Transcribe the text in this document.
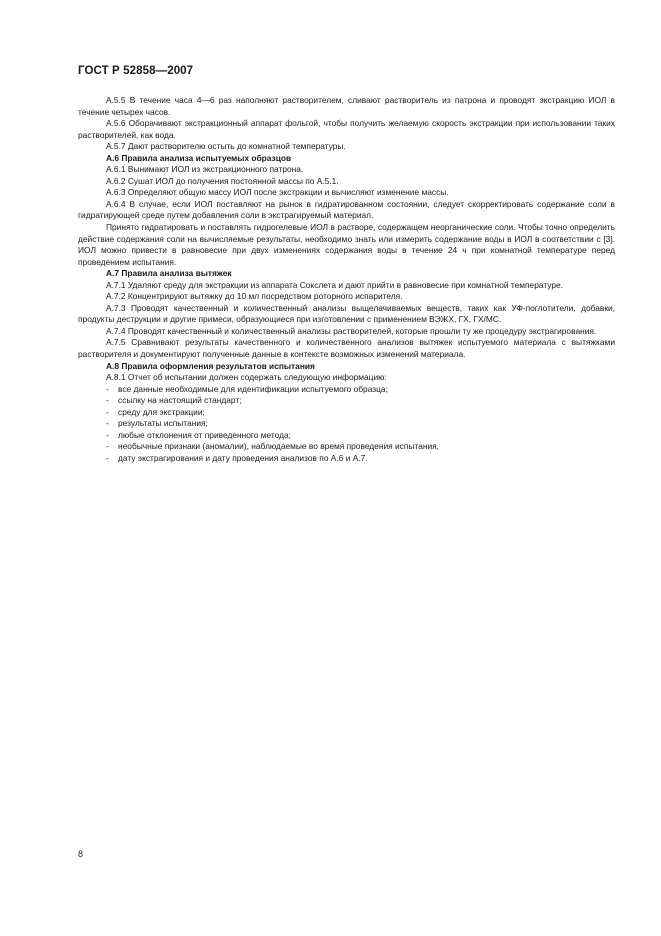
ГОСТ Р 52858—2007

А.5.5 В течение часа 4—6 раз наполняют растворителем, сливают растворитель из патрона и проводят экстракцию ИОЛ в течение четырех часов.

А.5.6 Оборачивают экстракционный аппарат фольгой, чтобы получить желаемую скорость экстракции при использовании таких растворителей, как вода.

А.5.7 Дают растворителю остыть до комнатной температуры.

А.6 Правила анализа испытуемых образцов

А.6.1 Вынимают ИОЛ из экстракционного патрона.

А.6.2 Сушат ИОЛ до получения постоянной массы по А.5.1.

А.6.3 Определяют общую массу ИОЛ после экстракции и вычисляют изменение массы.

А.6.4 В случае, если ИОЛ поставляют на рынок в гидратированном состоянии, следует скорректировать содержание соли в гидратирующей среде путем добавления соли в экстрагируемый материал.

Принято гидратировать и поставлять гидрогелевые ИОЛ в растворе, содержащем неорганические соли. Чтобы точно определить действие содержания соли на вычисляемые результаты, необходимо знать или измерить содержание воды в ИОЛ в соответствии с [3]. ИОЛ можно привести в равновесие при двух изменениях содержания воды в течение 24 ч при комнатной температуре перед проведением испытания.

А.7 Правила анализа вытяжек

А.7.1 Удаляют среду для экстракции из аппарата Сокслета и дают прийти в равновесие при комнатной температуре.

А.7.2 Концентрируют вытяжку до 10 мл посредством роторного испарителя.

А.7.3 Проводят качественный и количественный анализы выщелачиваемых веществ, таких как УФ-поглотители, добавки, продукты деструкции и другие примеси, образующиеся при изготовлении с применением ВЭЖХ, ГХ, ГХ/МС.

А.7.4 Проводят качественный и количественный анализы растворителей, которые прошли ту же процедуру экстрагирования.

А.7.5 Сравнивают результаты качественного и количественного анализов вытяжек испытуемого материала с вытяжками растворителя и документируют полученные данные в контексте возможных изменений материала.

А.8 Правила оформления результатов испытания

А.8.1 Отчет об испытании должен содержать следующую информацию:

- все данные необходимые для идентификации испытуемого образца;

- ссылку на настоящий стандарт;

- среду для экстракции;

- результаты испытания;

- любые отклонения от приведенного метода;

- необычные признаки (аномалии), наблюдаемые во время проведения испытания,

- дату экстрагирования и дату проведения анализов по А.6 и А.7.

8
